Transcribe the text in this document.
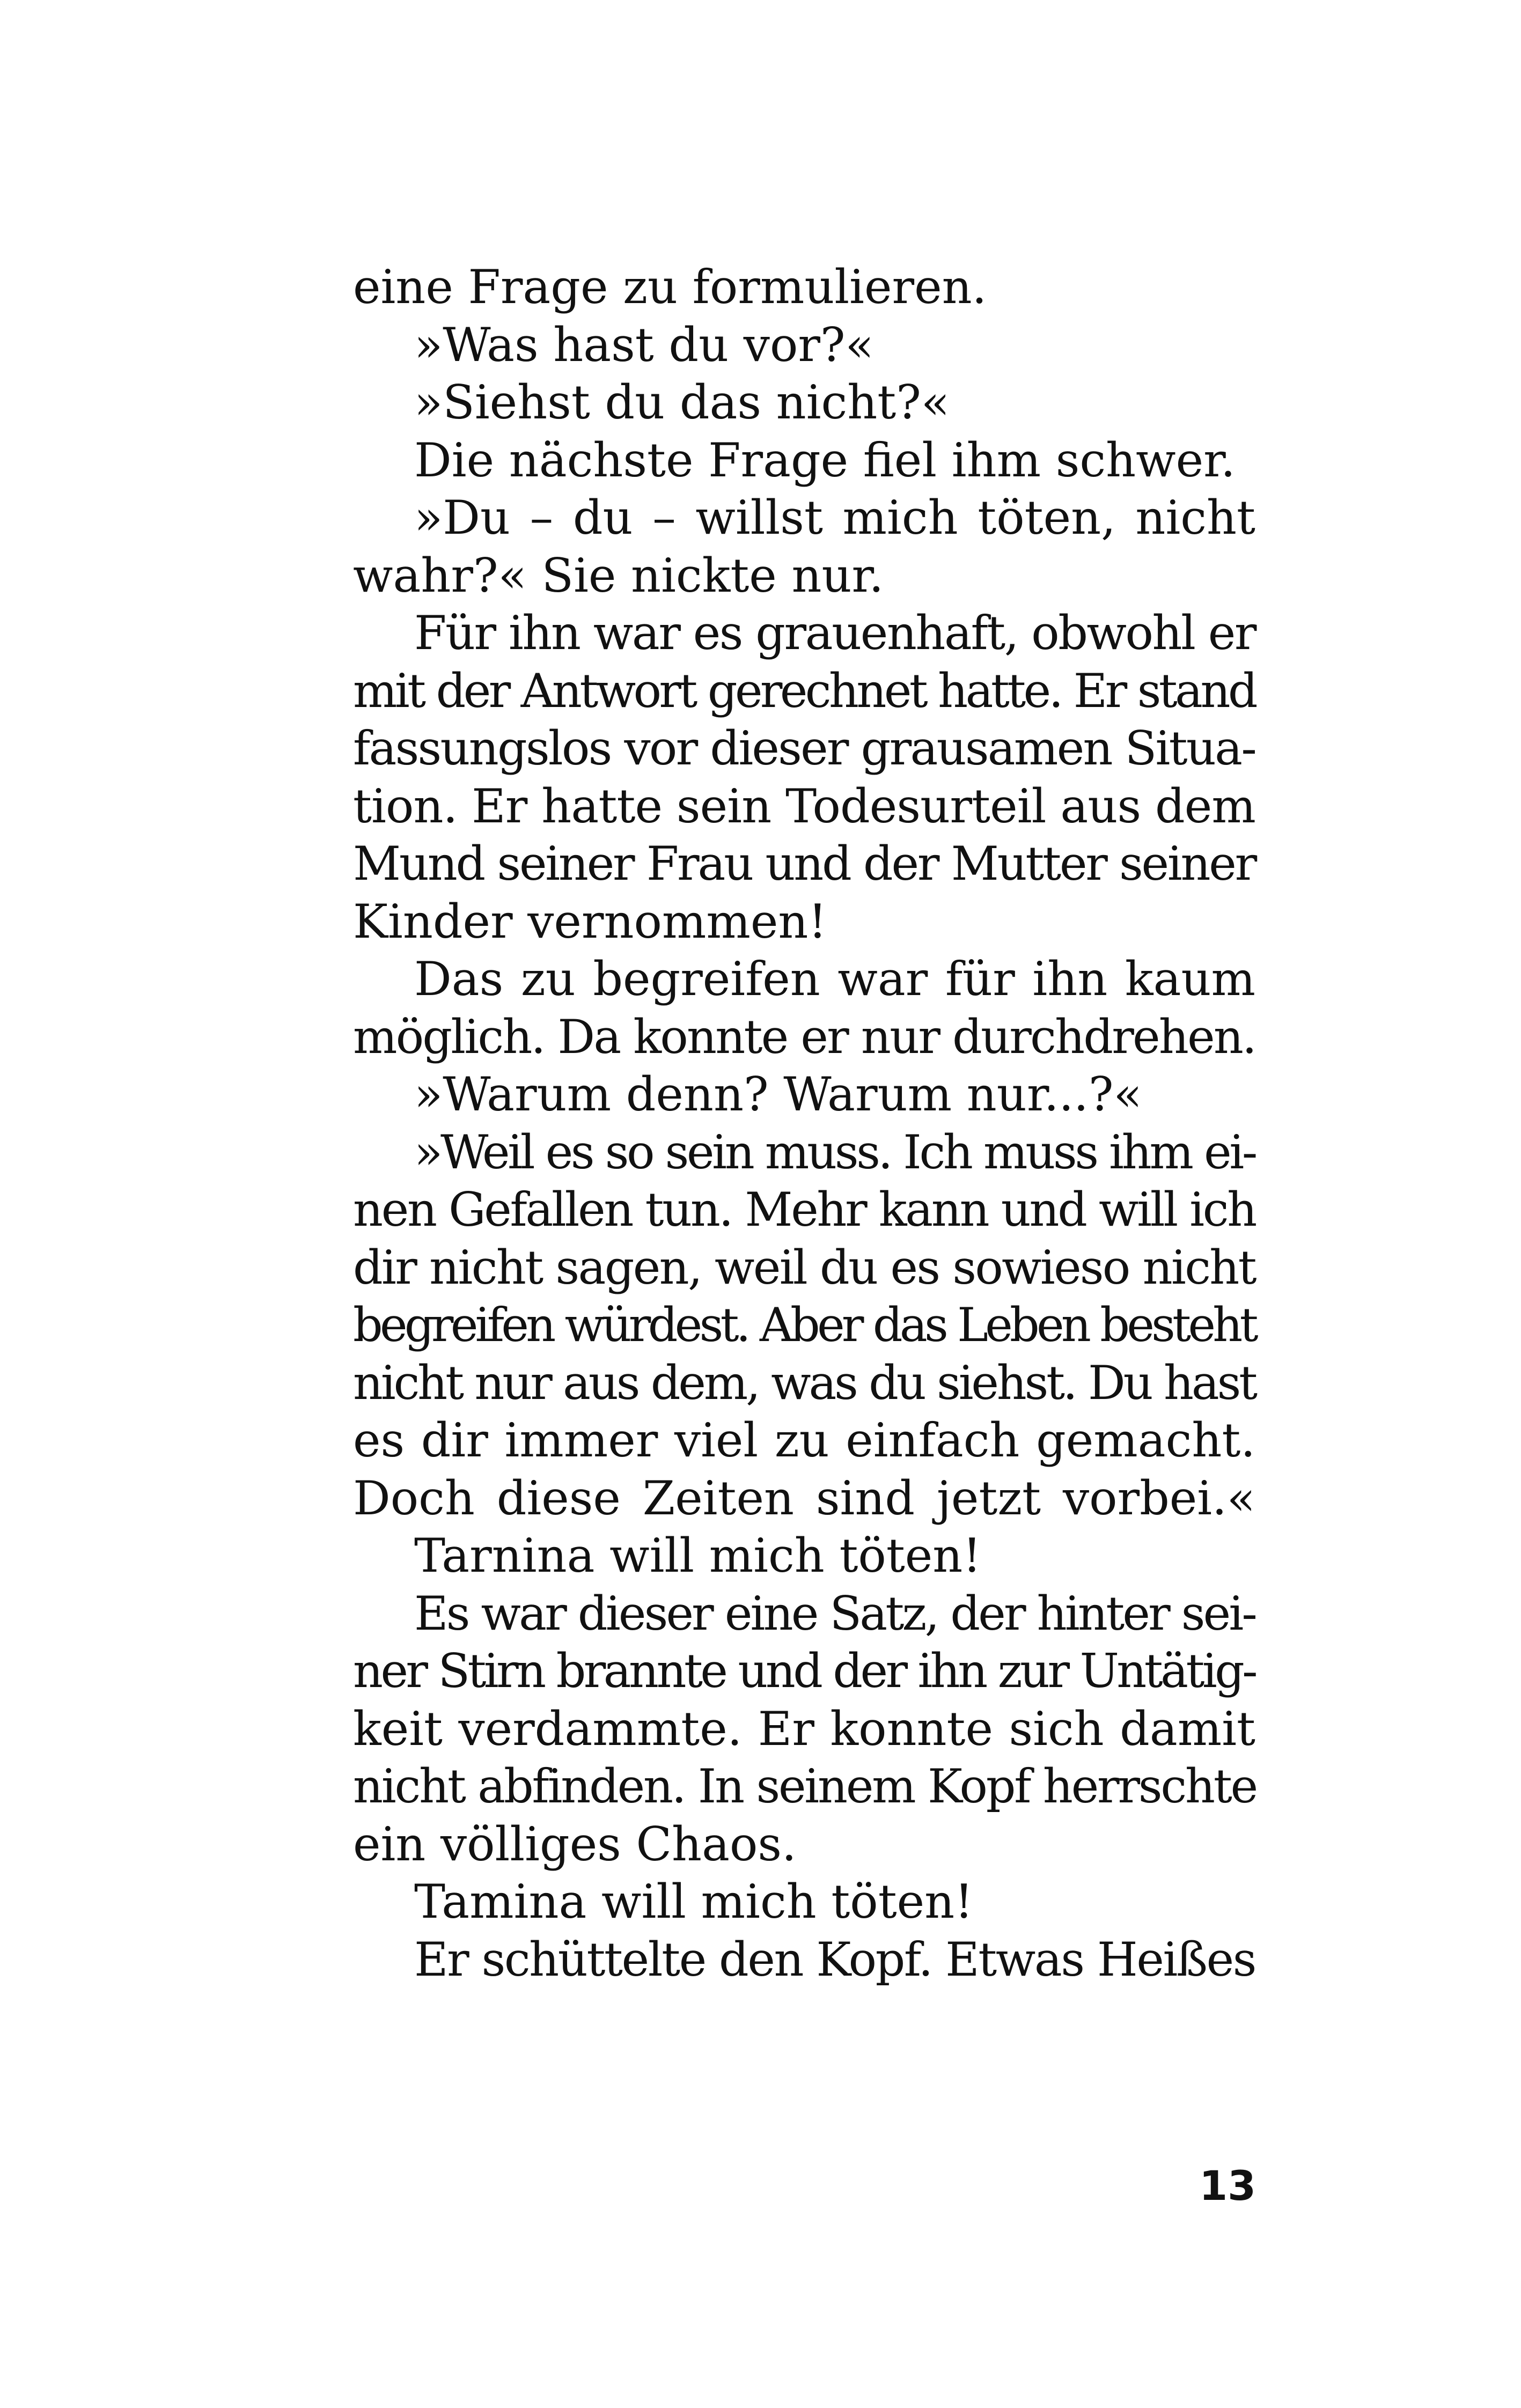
eine Frage zu formulieren.
»Was hast du vor?«
»Siehst du das nicht?«
Die nächste Frage fiel ihm schwer.
»Du – du – willst mich töten, nicht
wahr?« Sie nickte nur.
Für ihn war es grauenhaft, obwohl er
mit der Antwort gerechnet hatte. Er stand
fassungslos vor dieser grausamen Situa-
tion. Er hatte sein Todesurteil aus dem
Mund seiner Frau und der Mutter seiner
Kinder vernommen!
Das zu begreifen war für ihn kaum
möglich. Da konnte er nur durchdrehen.
»Warum denn? Warum nur...?«
»Weil es so sein muss. Ich muss ihm ei-
nen Gefallen tun. Mehr kann und will ich
dir nicht sagen, weil du es sowieso nicht
begreifen würdest. Aber das Leben besteht
nicht nur aus dem, was du siehst. Du hast
es dir immer viel zu einfach gemacht.
Doch diese Zeiten sind jetzt vorbei.«
Tarnina will mich töten!
Es war dieser eine Satz, der hinter sei-
ner Stirn brannte und der ihn zur Untätig-
keit verdammte. Er konnte sich damit
nicht abfinden. In seinem Kopf herrschte
ein völliges Chaos.
Tamina will mich töten!
Er schüttelte den Kopf. Etwas Heißes
13
